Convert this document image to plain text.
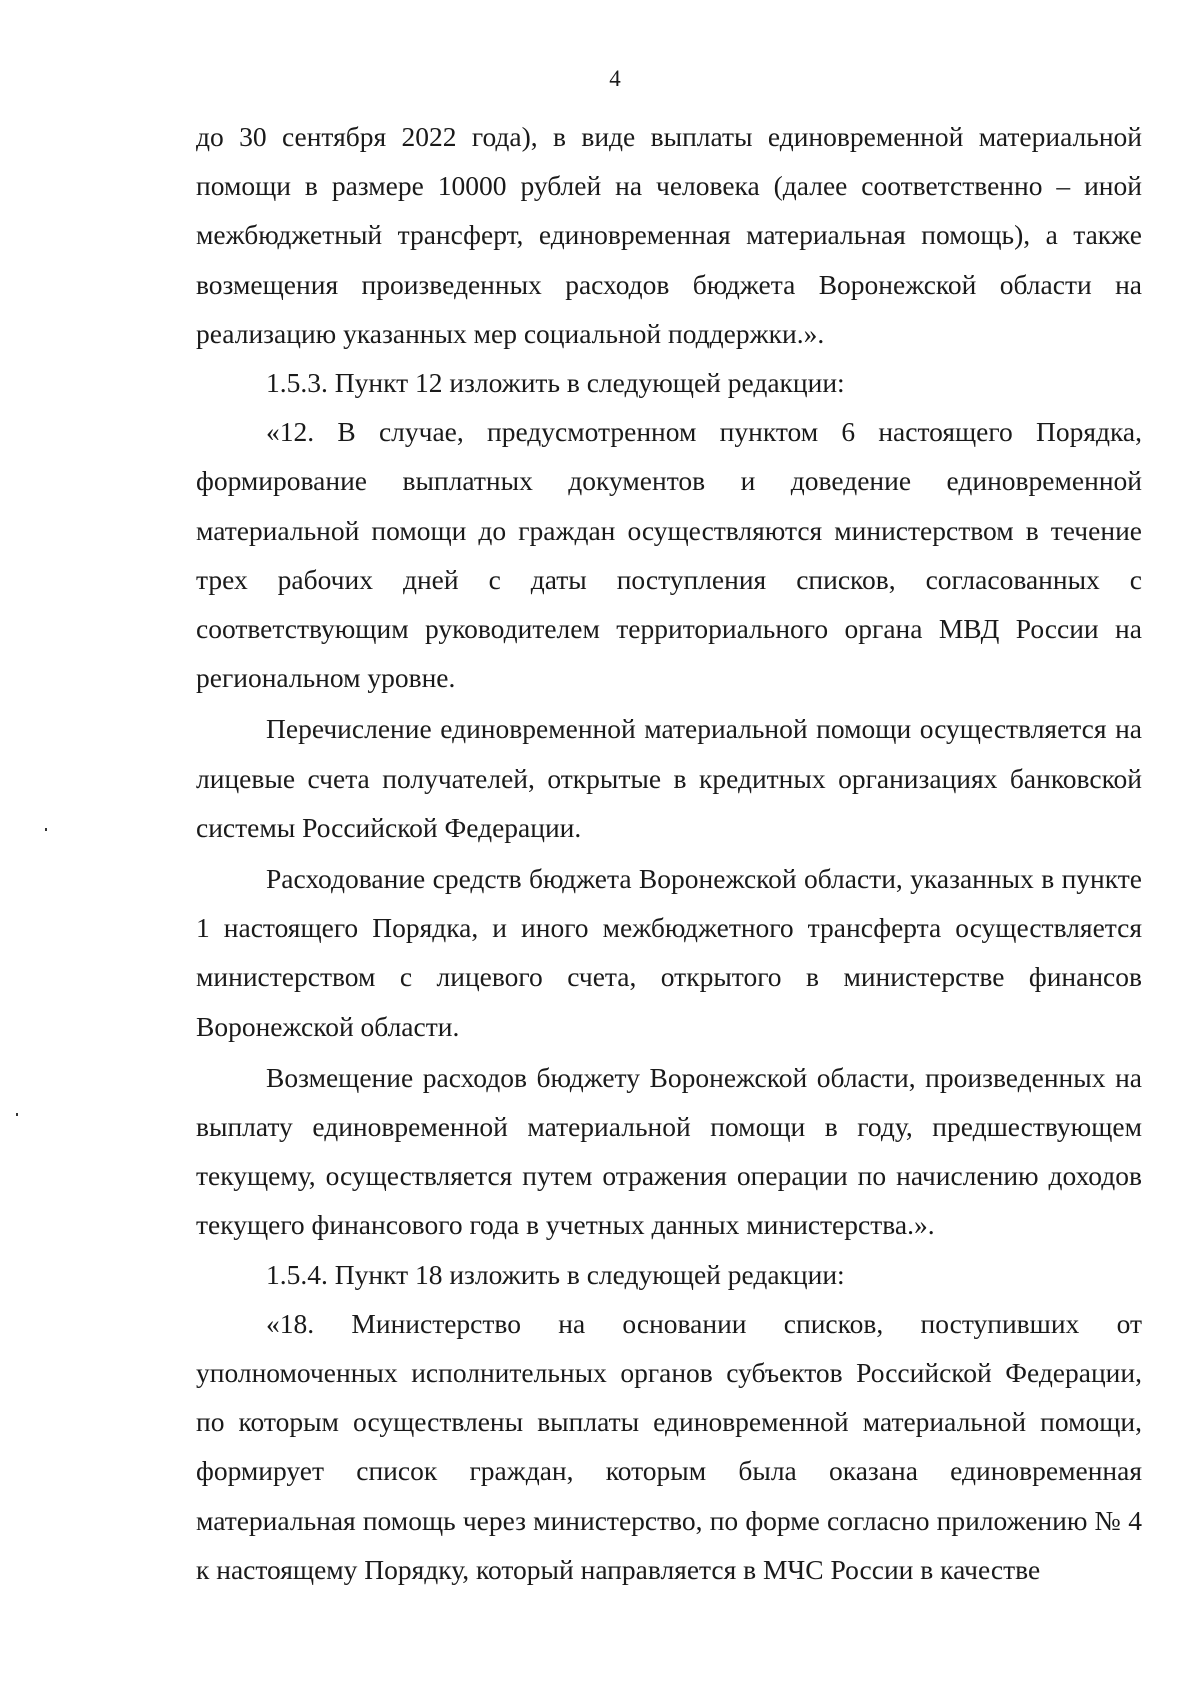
4

до 30 сентября 2022 года), в виде выплаты единовременной материальной помощи в размере 10000 рублей на человека (далее соответственно – иной межбюджетный трансферт, единовременная материальная помощь), а также возмещения произведенных расходов бюджета Воронежской области на реализацию указанных мер социальной поддержки.».

1.5.3. Пункт 12 изложить в следующей редакции:

«12. В случае, предусмотренном пунктом 6 настоящего Порядка, формирование выплатных документов и доведение единовременной материальной помощи до граждан осуществляются министерством в течение трех рабочих дней с даты поступления списков, согласованных с соответствующим руководителем территориального органа МВД России на региональном уровне.

Перечисление единовременной материальной помощи осуществляется на лицевые счета получателей, открытые в кредитных организациях банковской системы Российской Федерации.

Расходование средств бюджета Воронежской области, указанных в пункте 1 настоящего Порядка, и иного межбюджетного трансферта осуществляется министерством с лицевого счета, открытого в министерстве финансов Воронежской области.

Возмещение расходов бюджету Воронежской области, произведенных на выплату единовременной материальной помощи в году, предшествующем текущему, осуществляется путем отражения операции по начислению доходов текущего финансового года в учетных данных министерства.».

1.5.4. Пункт 18 изложить в следующей редакции:

«18. Министерство на основании списков, поступивших от уполномоченных исполнительных органов субъектов Российской Федерации, по которым осуществлены выплаты единовременной материальной помощи, формирует список граждан, которым была оказана единовременная материальная помощь через министерство, по форме согласно приложению № 4 к настоящему Порядку, который направляется в МЧС России в качестве
